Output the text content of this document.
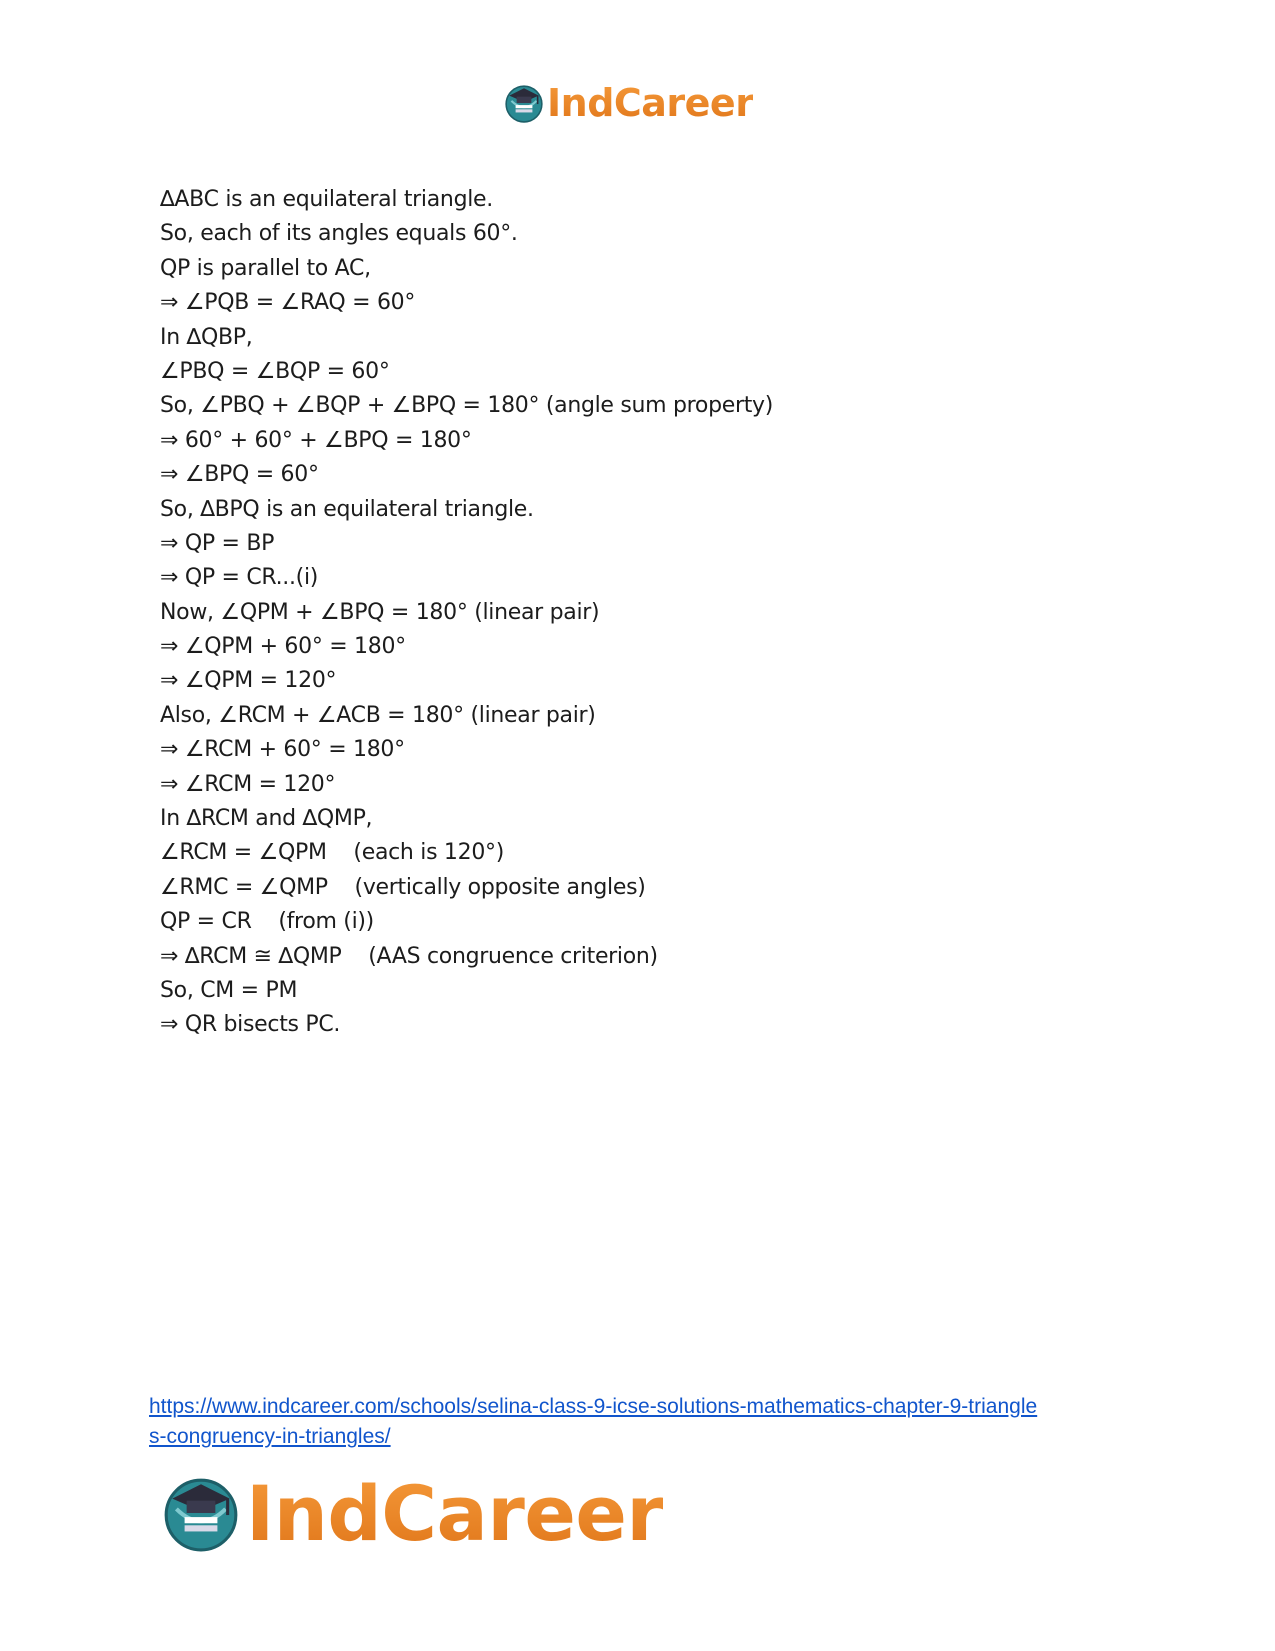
IndCareer
∆ABC is an equilateral triangle.
So, each of its angles equals 60°.
QP is parallel to AC,
⇒ ∠PQB = ∠RAQ = 60°
In ∆QBP,
∠PBQ = ∠BQP = 60°
So, ∠PBQ + ∠BQP + ∠BPQ = 180° (angle sum property)
⇒ 60° + 60° + ∠BPQ = 180°
⇒ ∠BPQ = 60°
So, ∆BPQ is an equilateral triangle.
⇒ QP = BP
⇒ QP = CR...(i)
Now, ∠QPM + ∠BPQ = 180° (linear pair)
⇒ ∠QPM + 60° = 180°
⇒ ∠QPM = 120°
Also, ∠RCM + ∠ACB = 180° (linear pair)
⇒ ∠RCM + 60° = 180°
⇒ ∠RCM = 120°
In ∆RCM and ∆QMP,
∠RCM = ∠QPM    (each is 120°)
∠RMC = ∠QMP    (vertically opposite angles)
QP = CR    (from (i))
⇒ ∆RCM ≅ ∆QMP    (AAS congruence criterion)
So, CM = PM
⇒ QR bisects PC.
https://www.indcareer.com/schools/selina-class-9-icse-solutions-mathematics-chapter-9-triangle
s-congruency-in-triangles/
IndCareer
